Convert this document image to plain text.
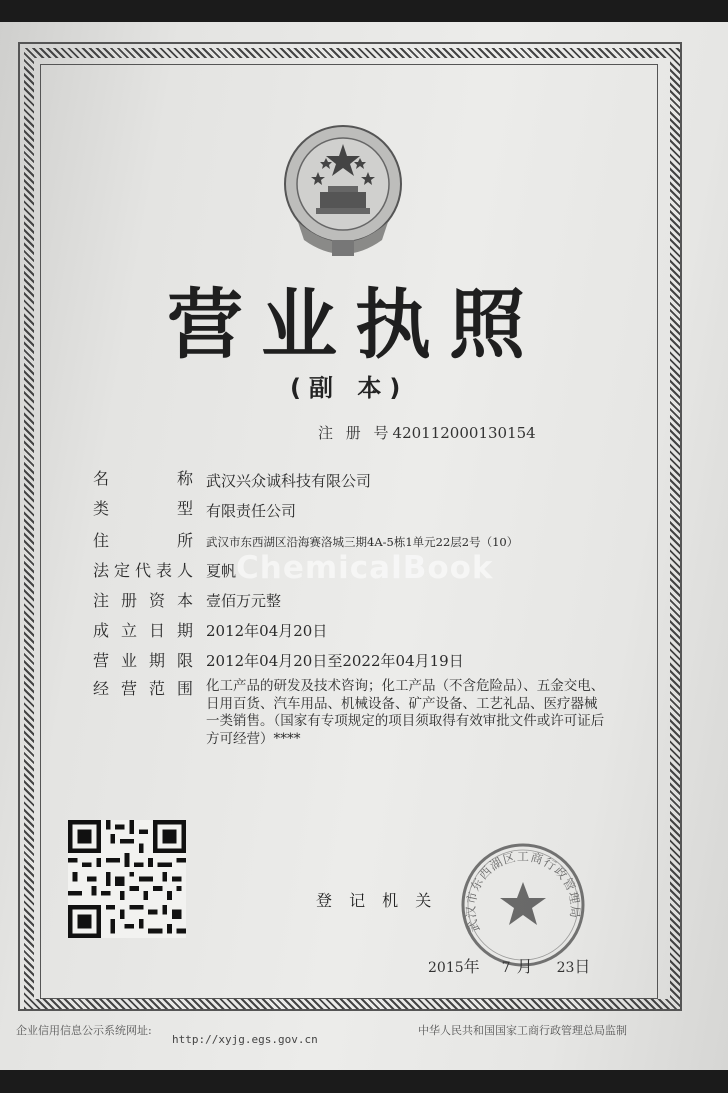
营业执照
(副 本)
注 册 号420112000130154
名	称 武汉兴众诚科技有限公司
类	型 有限责任公司
住	所 武汉市东西湖区沿海赛洛城三期4A-5栋1单元22层2号（10）
法 定 代 表 人 夏帆
注 册 资 本 壹佰万元整
成 立 日 期 2012年04月20日
营 业 期 限 2012年04月20日至2022年04月19日
经 营 范 围 化工产品的研发及技术咨询；化工产品（不含危险品）、五金交电、日用百货、汽车用品、机械设备、矿产设备、工艺礼品、医疗器械一类销售。（国家有专项规定的项目须取得有效审批文件或许可证后方可经营）****
ChemicalBook
登 记 机 关
武汉市东西湖区工商行政管理局
2015年 7 月 23日
企业信用信息公示系统网址:
http://xyjg.egs.gov.cn
中华人民共和国国家工商行政管理总局监制
